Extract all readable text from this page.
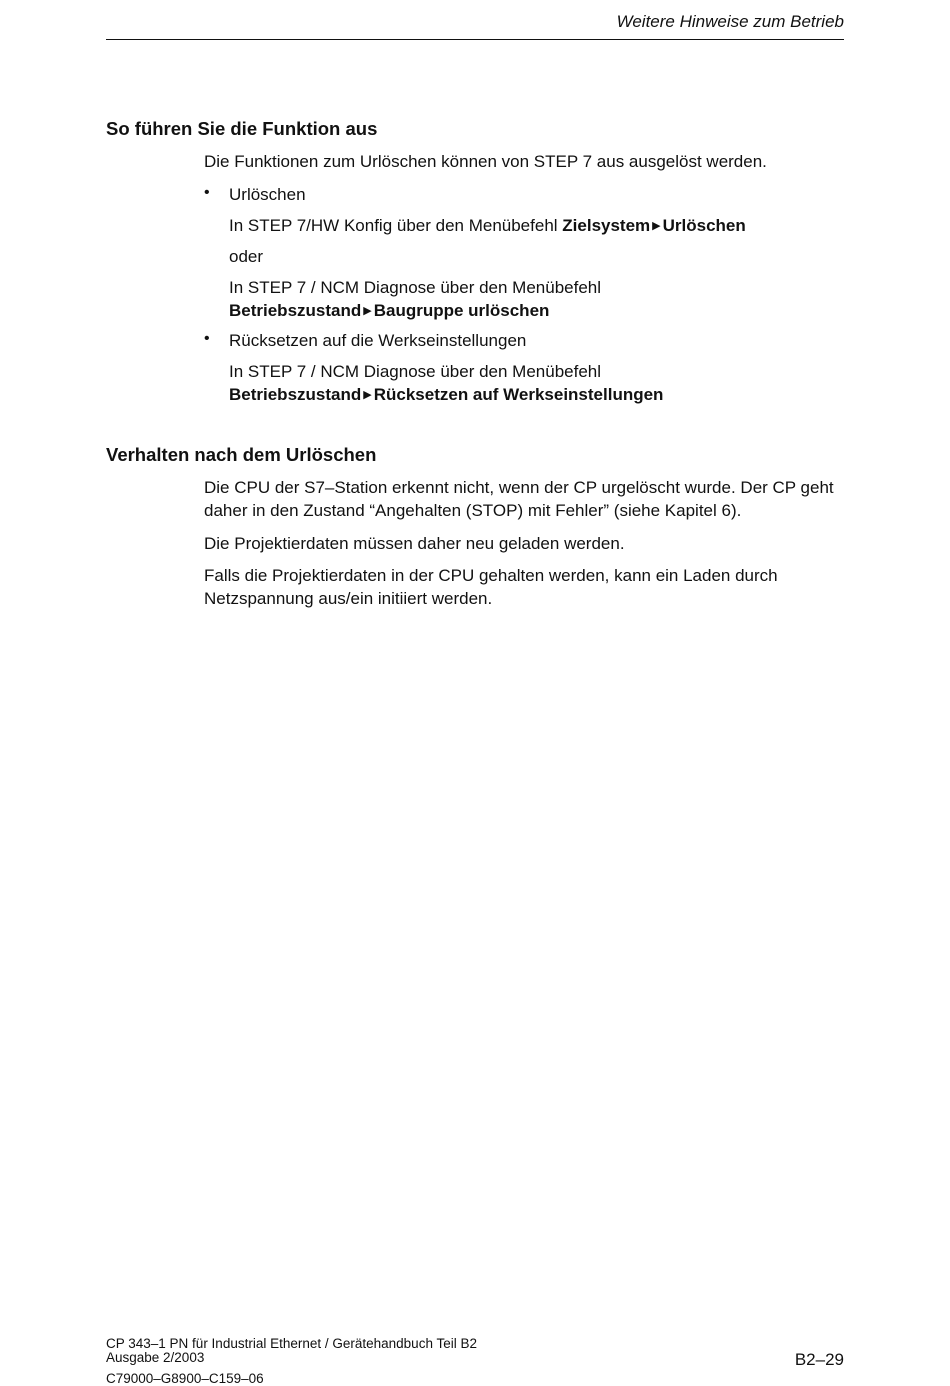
Weitere Hinweise zum Betrieb
So führen Sie die Funktion aus

Die Funktionen zum Urlöschen können von STEP 7 aus ausgelöst werden.

• Urlöschen

In STEP 7/HW Konfig über den Menübefehl Zielsystem ▶ Urlöschen

oder

In STEP 7 / NCM Diagnose über den Menübefehl Betriebszustand ▶ Baugruppe urlöschen

• Rücksetzen auf die Werkseinstellungen

In STEP 7 / NCM Diagnose über den Menübefehl Betriebszustand ▶ Rücksetzen auf Werkseinstellungen

Verhalten nach dem Urlöschen

Die CPU der S7–Station erkennt nicht, wenn der CP urgelöscht wurde. Der CP geht daher in den Zustand “Angehalten (STOP) mit Fehler” (siehe Kapitel 6).

Die Projektierdaten müssen daher neu geladen werden.

Falls die Projektierdaten in der CPU gehalten werden, kann ein Laden durch Netzspannung aus/ein initiiert werden.

CP 343–1 PN für Industrial Ethernet / Gerätehandbuch Teil B2
Ausgabe 2/2003
C79000–G8900–C159–06
B2–29
